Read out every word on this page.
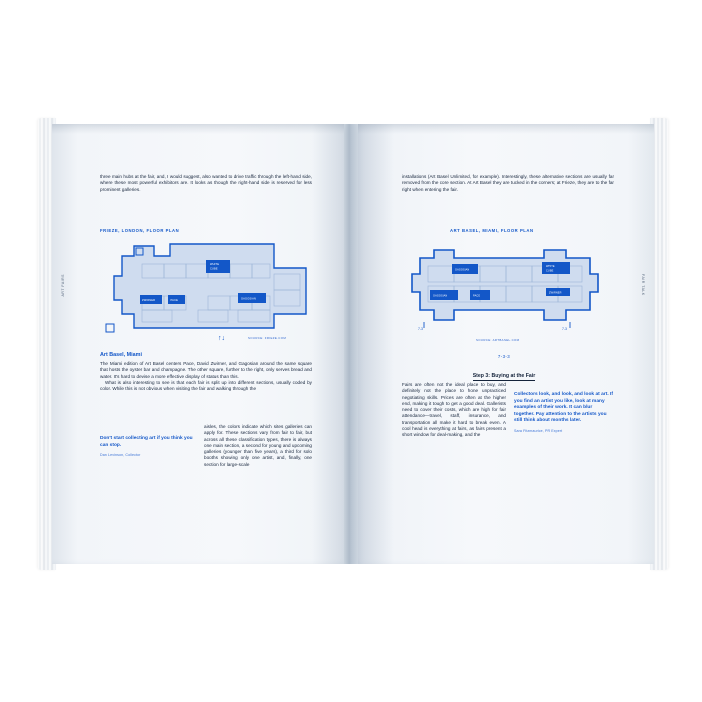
ART FAIRS

three main hubs at the fair, and, I would suggest, also wanted to drive traffic through the left-hand side, where these most powerful exhibitors are. It looks as though the right-hand side is reserved for less prominent galleries.

FRIEZE, LONDON, FLOOR PLAN
WHITE
CUBE
ZWIRNER	PACE	GAGOSIAN
↑↓	SOURCE: FRIEZE.COM
Art Basel, Miami

The Miami edition of Art Basel centers Pace, David Zwirner, and Gagosian around the same square that hosts the oyster bar and champagne. The other square, further to the right, only serves bread and water. It's hard to devise a more effective display of status than this.

What is also interesting to see is that each fair is split up into different sections, usually coded by color. While this is not obvious when visiting the fair and walking through the

Don't start collecting art if you think you can stop.
Dan Levinson, Collector

aisles, the colors indicate which sites galleries can apply for. These sections vary from fair to fair, but across all these classification types, there is always one main section, a second for young and upcoming galleries (younger than five years), a third for solo booths showing only one artist, and, finally, one section for large-scale

FAIR TALK

installations (Art Basel Unlimited, for example). Interestingly, these alternative sections are usually far removed from the core section. At Art Basel they are tucked in the corners; at Frieze, they are to the far right when entering the fair.

ART BASEL, MIAMI, FLOOR PLAN
GAGOSIAN
WHITE
CUBE
GAGOSIAN	PACE
ZWIRNER
7-3	7-3
SOURCE: ARTBASEL.COM
7-3-3
Step 3: Buying at the Fair

Fairs are often not the ideal place to buy, and definitely not the place to hone unpracticed negotiating skills. Prices are often at the higher end, making it tough to get a good deal. Gallerists need to cover their costs, which are high for fair attendance—travel, staff, insurance, and transportation all make it hard to break even. A cool head is everything at fairs, as fairs present a short window for deal-making, and the

Collectors look, and look, and look at art. If you find an artist you like, look at many examples of their work. It can blur together. Pay attention to the artists you still think about months later.
Sara Fitzmaurice, PR Expert
